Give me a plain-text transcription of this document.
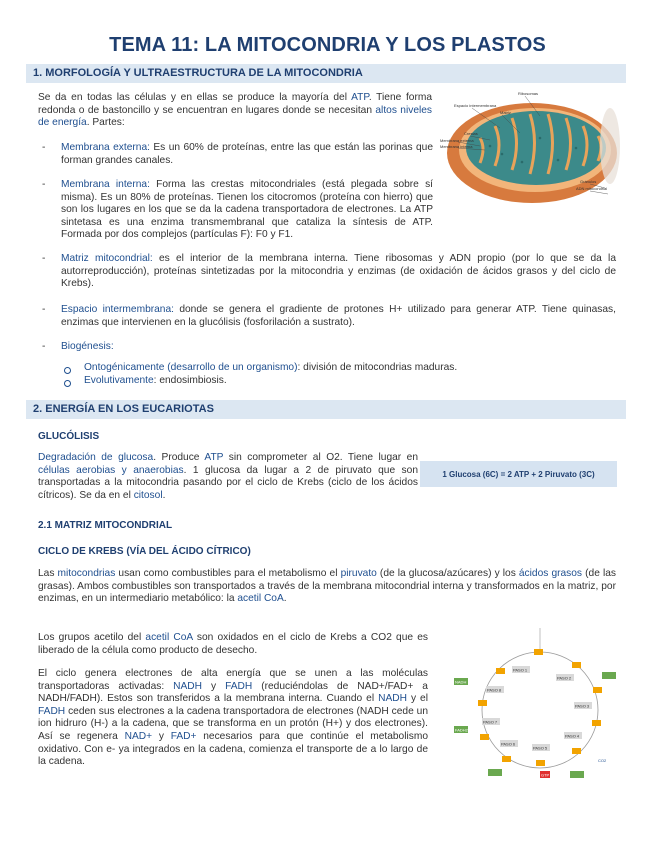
TEMA 11: LA MITOCONDRIA Y LOS PLASTOS
1. MORFOLOGÍA Y ULTRAESTRUCTURA DE LA MITOCONDRIA
Se da en todas las células y en ellas se produce la mayoría del ATP. Tiene forma redonda o de bastoncillo y se encuentran en lugares donde se necesitan altos niveles de energía. Partes:
Espacio intermembrana
Matriz
Crestas
Membrana externa
Membrana interna
Ribosomas
Gránulos
ADN mitocondrial
- Membrana externa: Es un 60% de proteínas, entre las que están las porinas que forman grandes canales.
- Membrana interna: Forma las crestas mitocondriales (está plegada sobre sí misma). Es un 80% de proteínas. Tienen los citocromos (proteína con hierro) que son los lugares en los que se da la cadena transportadora de electrones. La ATP sintetasa es una enzima transmembranal que cataliza la síntesis de ATP. Formada por dos complejos (partículas F): F0 y F1.
- Matriz mitocondrial: es el interior de la membrana interna. Tiene ribosomas y ADN propio (por lo que se da la autorreproducción), proteínas sintetizadas por la mitocondria y enzimas (de oxidación de ácidos grasos y del ciclo de Krebs).
- Espacio intermembrana: donde se genera el gradiente de protones H+ utilizado para generar ATP. Tiene quinasas, enzimas que intervienen en la glucólisis (fosforilación a sustrato).
- Biogénesis:
Ontogénicamente (desarrollo de un organismo): división de mitocondrias maduras.
Evolutivamente: endosimbiosis.
2. ENERGÍA EN LOS EUCARIOTAS
GLUCÓLISIS
Degradación de glucosa. Produce ATP sin comprometer al O2. Tiene lugar en células aerobias y anaerobias. 1 glucosa da lugar a 2 de piruvato que son transportadas a la mitocondria pasando por el ciclo de Krebs (ciclo de los ácidos cítricos). Se da en el citosol.
1 Glucosa (6C) = 2 ATP + 2 Piruvato (3C)
2.1 MATRIZ MITOCONDRIAL
CICLO DE KREBS (VÍA DEL ÁCIDO CÍTRICO)
Las mitocondrias usan como combustibles para el metabolismo el piruvato (de la glucosa/azúcares) y los ácidos grasos (de las grasas). Ambos combustibles son transportados a través de la membrana mitocondrial interna y transformados en la matriz, por enzimas, en un intermediario metabólico: la acetil CoA.
Los grupos acetilo del acetil CoA son oxidados en el ciclo de Krebs a CO2 que es liberado de la célula como producto de desecho.
El ciclo genera electrones de alta energía que se unen a las moléculas transportadoras activadas: NADH y FADH (reduciéndolas de NAD+/FAD+ a NADH/FADH). Estos son transferidos a la membrana interna. Cuando el NADH y el FADH ceden sus electrones a la cadena transportadora de electrones (NADH cede un ion hidruro (H-) a la cadena, que se transforma en un protón (H+) y dos electrones). Así se regenera NAD+ y FAD+ necesarios para que continúe el metabolismo oxidativo. Con e- ya integrados en la cadena, comienza el transporte de a lo largo de la cadena.
PASO 1
PASO 2
PASO 3
PASO 4
PASO 5
PASO 6
PASO 7
PASO 8
NADH
FADH2
GTP
CO2
